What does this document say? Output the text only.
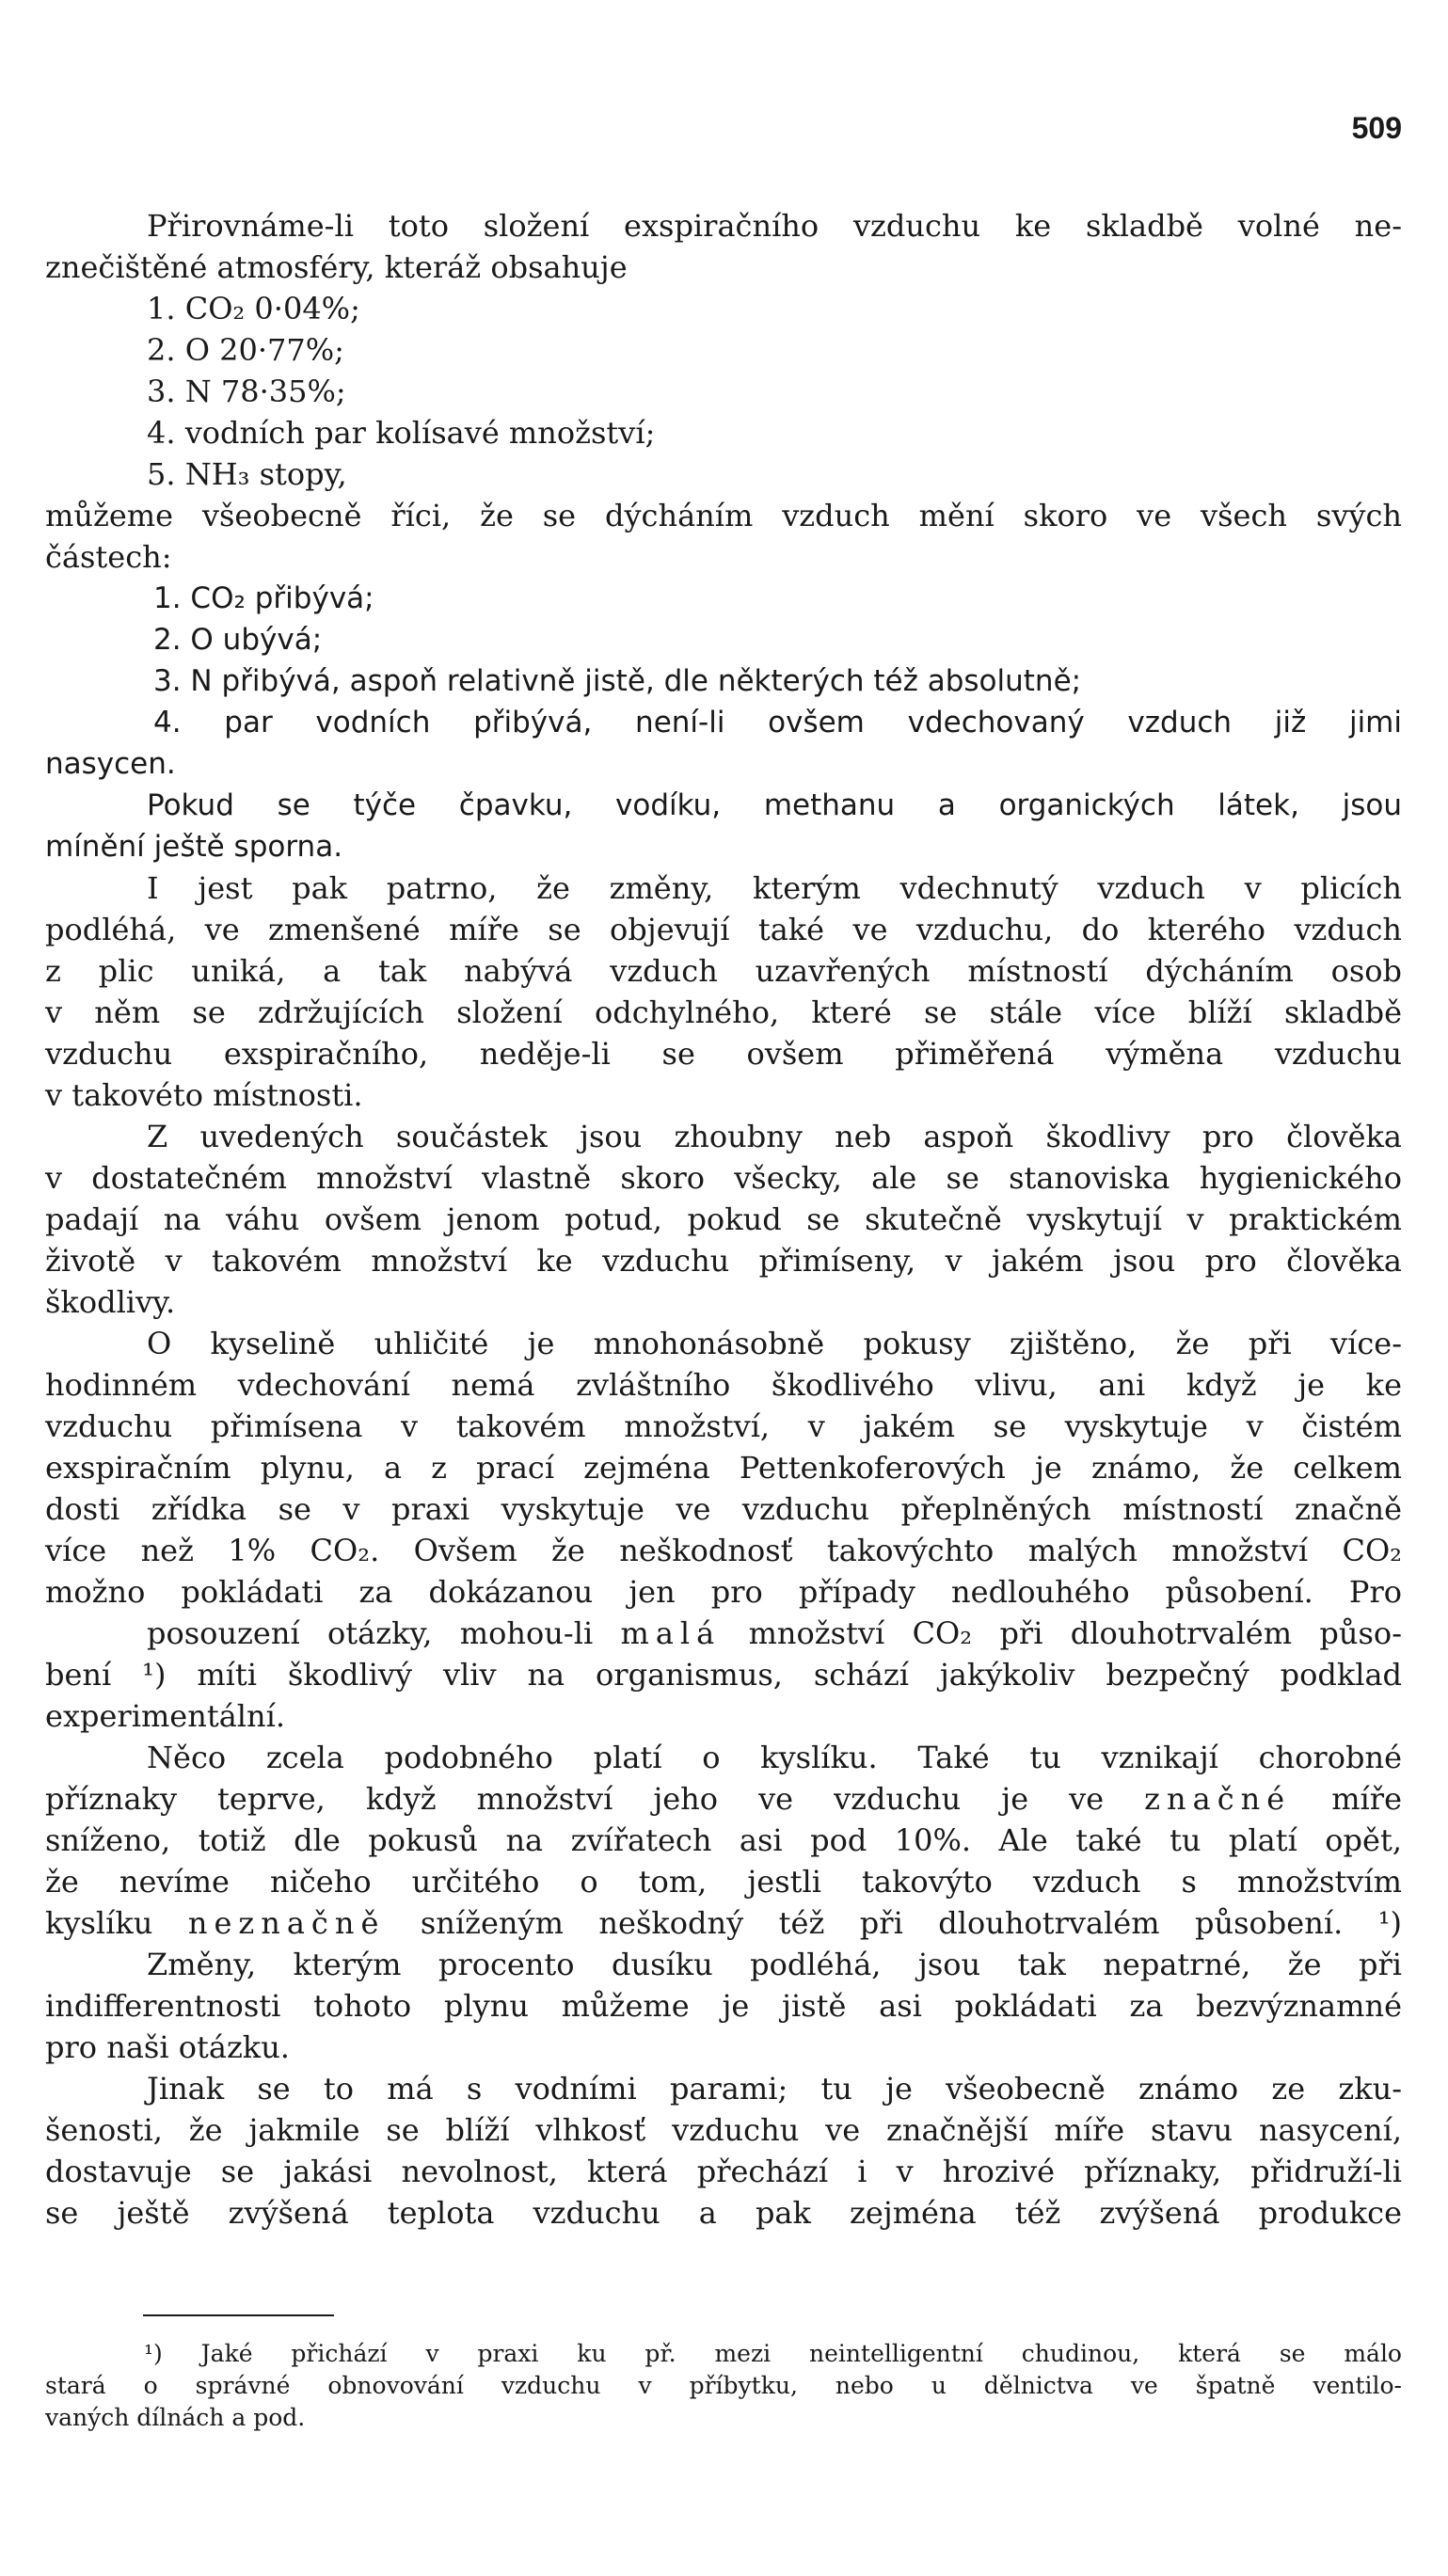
509
Přirovnáme-li toto složení exspiračního vzduchu ke skladbě volné ne-
znečištěné atmosféry, kteráž obsahuje
1. CO₂ 0·04%;
2. O 20·77%;
3. N 78·35%;
4. vodních par kolísavé množství;
5. NH₃ stopy,
můžeme všeobecně říci, že se dýcháním vzduch mění skoro ve všech svých
částech:
1. CO₂ přibývá;
2. O ubývá;
3. N přibývá, aspoň relativně jistě, dle některých též absolutně;
4. par vodních přibývá, není-li ovšem vdechovaný vzduch již jimi
nasycen.
Pokud se týče čpavku, vodíku, methanu a organických látek, jsou
mínění ještě sporna.
I jest pak patrno, že změny, kterým vdechnutý vzduch v plicích
podléhá, ve zmenšené míře se objevují také ve vzduchu, do kterého vzduch
z plic uniká, a tak nabývá vzduch uzavřených místností dýcháním osob
v něm se zdržujících složení odchylného, které se stále více blíží skladbě
vzduchu exspiračního, neděje-li se ovšem přiměřená výměna vzduchu
v takovéto místnosti.
Z uvedených součástek jsou zhoubny neb aspoň škodlivy pro člověka
v dostatečném množství vlastně skoro všecky, ale se stanoviska hygienického
padají na váhu ovšem jenom potud, pokud se skutečně vyskytují v praktickém
životě v takovém množství ke vzduchu přimíseny, v jakém jsou pro člověka
škodlivy.
O kyselině uhličité je mnohonásobně pokusy zjištěno, že při více-
hodinném vdechování nemá zvláštního škodlivého vlivu, ani když je ke
vzduchu přimísena v takovém množství, v jakém se vyskytuje v čistém
exspiračním plynu, a z prací zejména Pettenkoferových je známo, že celkem
dosti zřídka se v praxi vyskytuje ve vzduchu přeplněných místností značně
více než 1% CO₂. Ovšem že neškodnosť takovýchto malých množství CO₂
možno pokládati za dokázanou jen pro případy nedlouhého působení. Pro
posouzení otázky, mohou-li malá množství CO₂ při dlouhotrvalém půso-
bení ¹) míti škodlivý vliv na organismus, schází jakýkoliv bezpečný podklad
experimentální.
Něco zcela podobného platí o kyslíku. Také tu vznikají chorobné
příznaky teprve, když množství jeho ve vzduchu je ve značné míře
sníženo, totiž dle pokusů na zvířatech asi pod 10%. Ale také tu platí opět,
že nevíme ničeho určitého o tom, jestli takovýto vzduch s množstvím
kyslíku neznačně sníženým neškodný též při dlouhotrvalém působení. ¹)
Změny, kterým procento dusíku podléhá, jsou tak nepatrné, že při
indifferentnosti tohoto plynu můžeme je jistě asi pokládati za bezvýznamné
pro naši otázku.
Jinak se to má s vodními parami; tu je všeobecně známo ze zku-
šenosti, že jakmile se blíží vlhkosť vzduchu ve značnější míře stavu nasycení,
dostavuje se jakási nevolnost, která přechází i v hrozivé příznaky, přidruží-li
se ještě zvýšená teplota vzduchu a pak zejména též zvýšená produkce
¹) Jaké přichází v praxi ku př. mezi neintelligentní chudinou, která se málo
stará o správné obnovování vzduchu v příbytku, nebo u dělnictva ve špatně ventilo-
vaných dílnách a pod.
